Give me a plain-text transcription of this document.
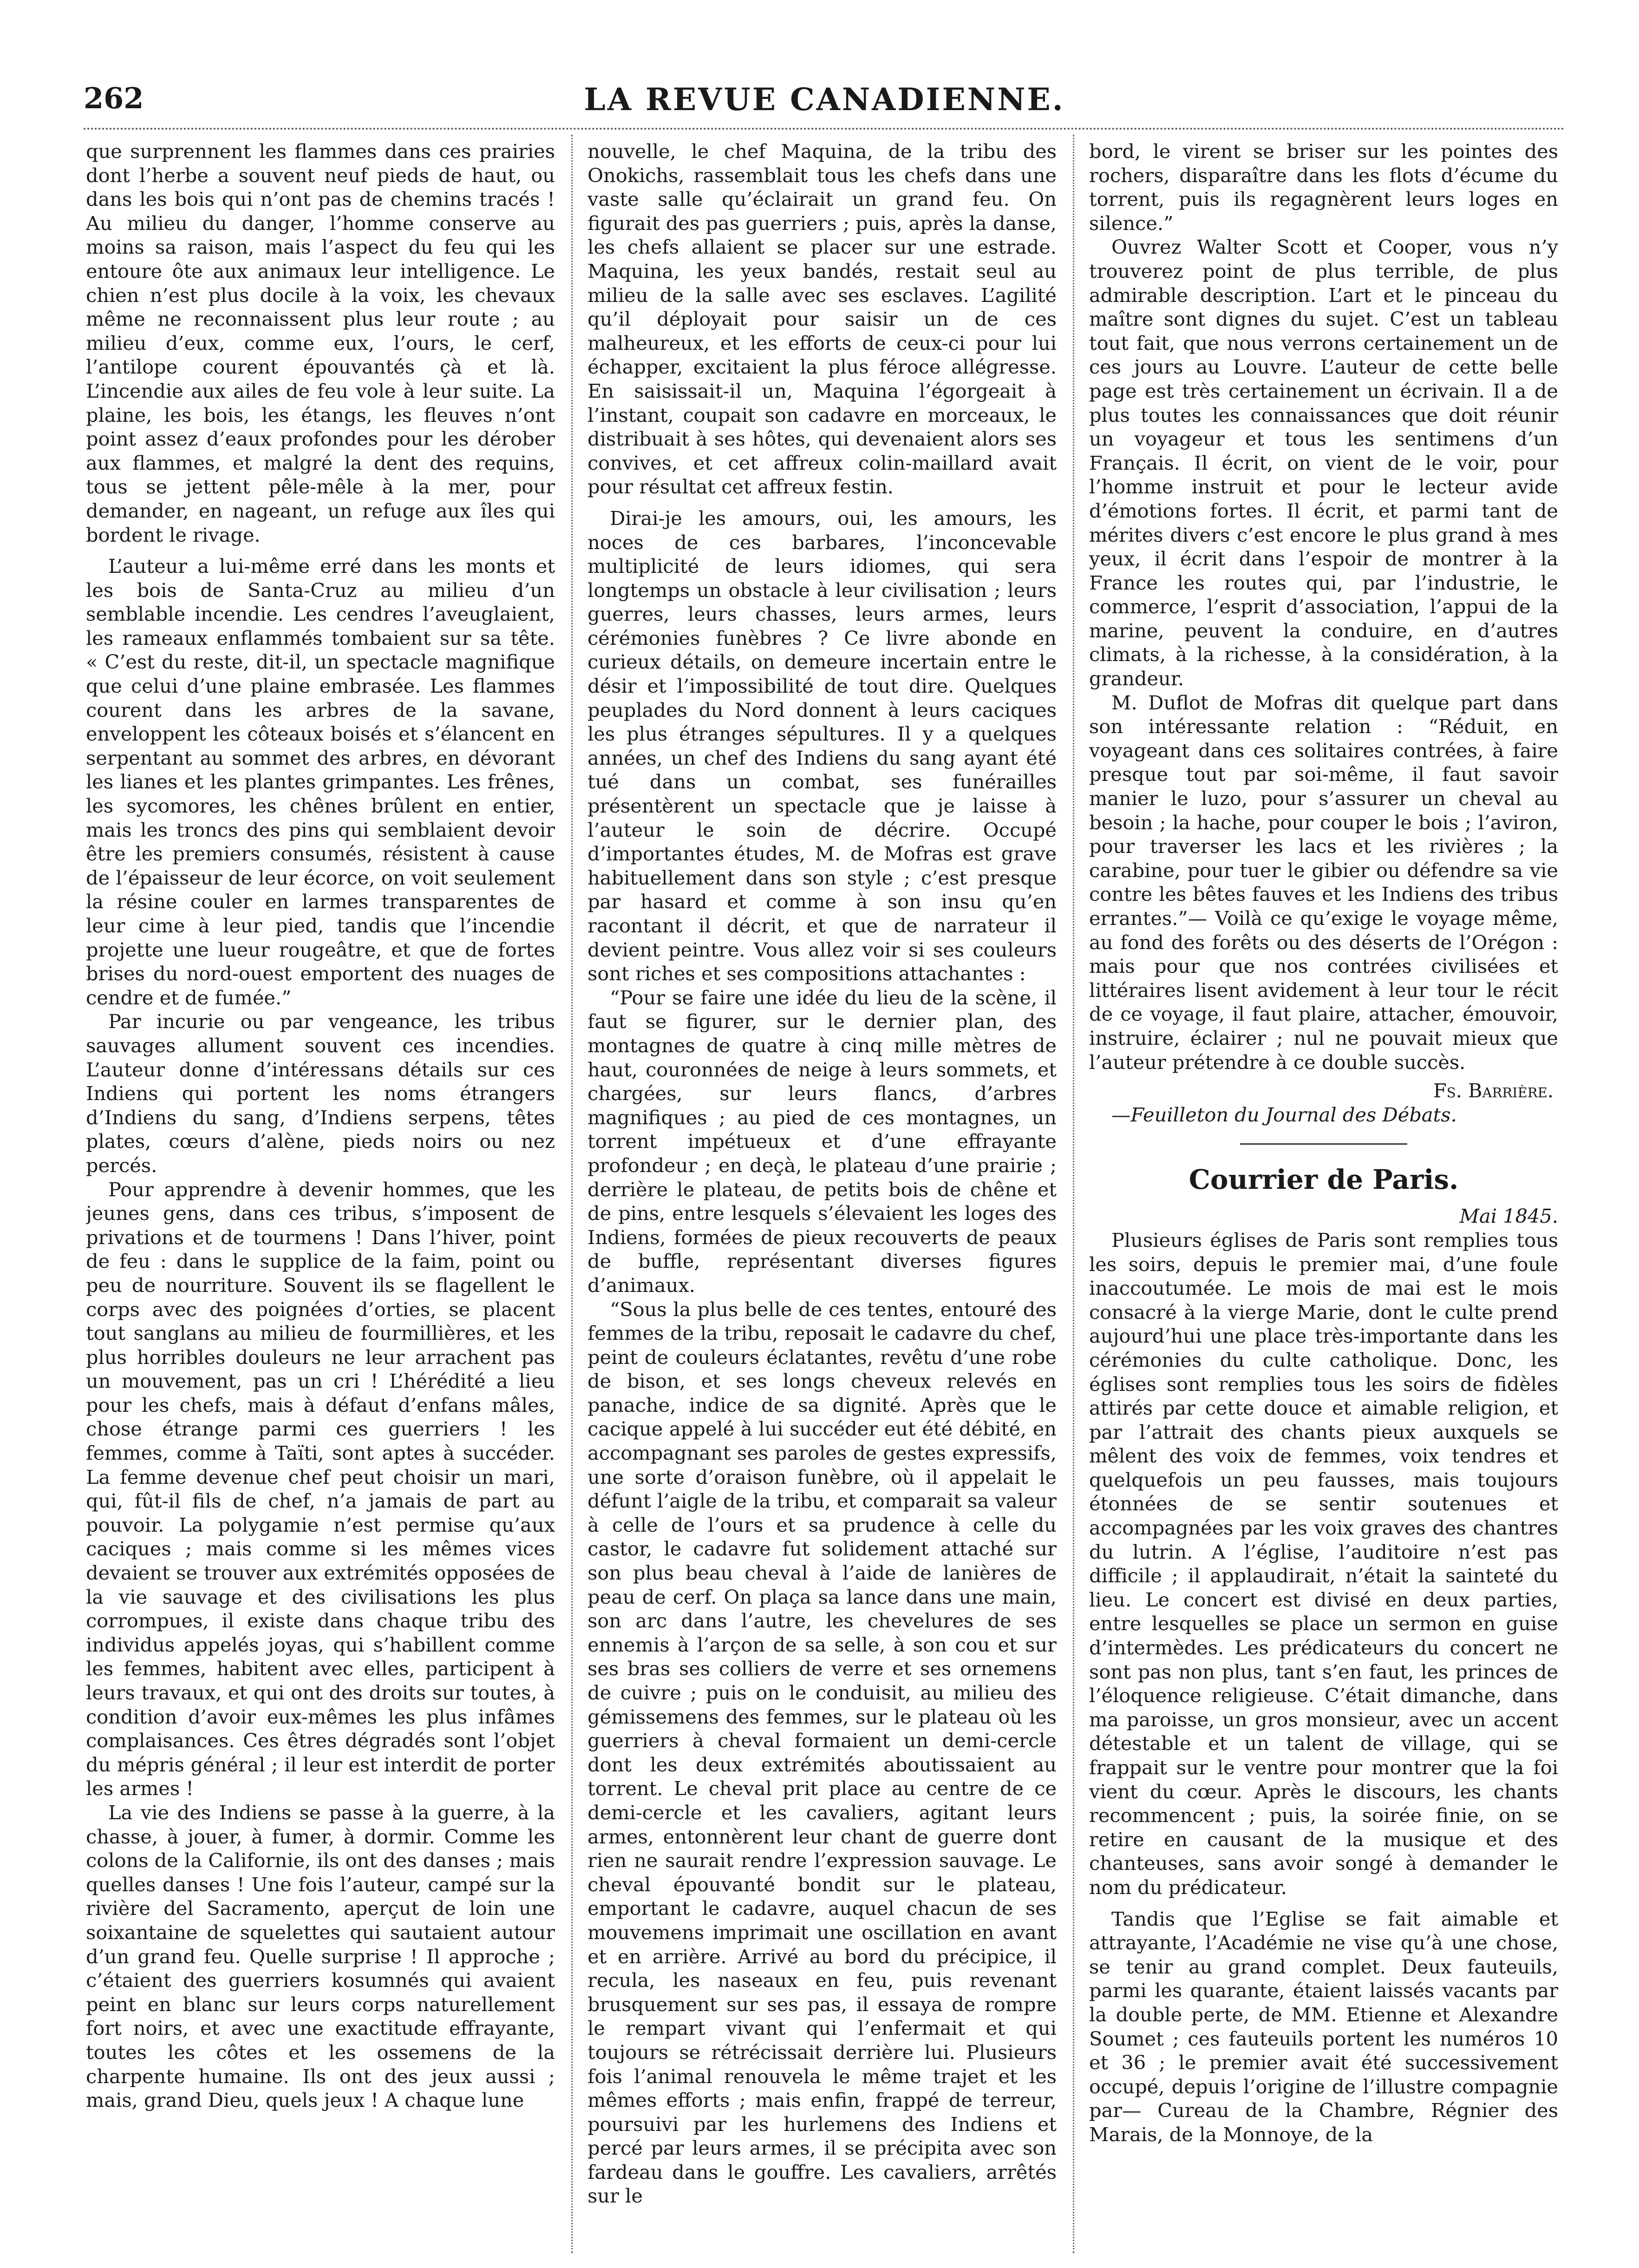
262	LA REVUE CANADIENNE.

que surprennent les flammes dans ces prairies dont l’herbe a souvent neuf pieds de haut, ou dans les bois qui n’ont pas de chemins tracés ! Au milieu du danger, l’homme conserve au moins sa raison, mais l’aspect du feu qui les entoure ôte aux animaux leur intelligence. Le chien n’est plus docile à la voix, les chevaux même ne reconnaissent plus leur route ; au milieu d’eux, comme eux, l’ours, le cerf, l’antilope courent épouvantés çà et là. L’incendie aux ailes de feu vole à leur suite. La plaine, les bois, les étangs, les fleuves n’ont point assez d’eaux profondes pour les dérober aux flammes, et malgré la dent des requins, tous se jettent pêle-mêle à la mer, pour demander, en nageant, un refuge aux îles qui bordent le rivage.

L’auteur a lui-même erré dans les monts et les bois de Santa-Cruz au milieu d’un semblable incendie. Les cendres l’aveuglaient, les rameaux enflammés tombaient sur sa tête. « C’est du reste, dit-il, un spectacle magnifique que celui d’une plaine embrasée. Les flammes courent dans les arbres de la savane, enveloppent les côteaux boisés et s’élancent en serpentant au sommet des arbres, en dévorant les lianes et les plantes grimpantes. Les frênes, les sycomores, les chênes brûlent en entier, mais les troncs des pins qui semblaient devoir être les premiers consumés, résistent à cause de l’épaisseur de leur écorce, on voit seulement la résine couler en larmes transparentes de leur cime à leur pied, tandis que l’incendie projette une lueur rougeâtre, et que de fortes brises du nord-ouest emportent des nuages de cendre et de fumée.”

Par incurie ou par vengeance, les tribus sauvages allument souvent ces incendies. L’auteur donne d’intéressans détails sur ces Indiens qui portent les noms étrangers d’Indiens du sang, d’Indiens serpens, têtes plates, cœurs d’alène, pieds noirs ou nez percés.

Pour apprendre à devenir hommes, que les jeunes gens, dans ces tribus, s’imposent de privations et de tourmens ! Dans l’hiver, point de feu : dans le supplice de la faim, point ou peu de nourriture. Souvent ils se flagellent le corps avec des poignées d’orties, se placent tout sanglans au milieu de fourmillières, et les plus horribles douleurs ne leur arrachent pas un mouvement, pas un cri ! L’hérédité a lieu pour les chefs, mais à défaut d’enfans mâles, chose étrange parmi ces guerriers ! les femmes, comme à Taïti, sont aptes à succéder. La femme devenue chef peut choisir un mari, qui, fût-il fils de chef, n’a jamais de part au pouvoir. La polygamie n’est permise qu’aux caciques ; mais comme si les mêmes vices devaient se trouver aux extrémités opposées de la vie sauvage et des civilisations les plus corrompues, il existe dans chaque tribu des individus appelés joyas, qui s’habillent comme les femmes, habitent avec elles, participent à leurs travaux, et qui ont des droits sur toutes, à condition d’avoir eux-mêmes les plus infâmes complaisances. Ces êtres dégradés sont l’objet du mépris général ; il leur est interdit de porter les armes !

La vie des Indiens se passe à la guerre, à la chasse, à jouer, à fumer, à dormir. Comme les colons de la Californie, ils ont des danses ; mais quelles danses ! Une fois l’auteur, campé sur la rivière del Sacramento, aperçut de loin une soixantaine de squelettes qui sautaient autour d’un grand feu. Quelle surprise ! Il approche ; c’étaient des guerriers kosumnés qui avaient peint en blanc sur leurs corps naturellement fort noirs, et avec une exactitude effrayante, toutes les côtes et les ossemens de la charpente humaine. Ils ont des jeux aussi ; mais, grand Dieu, quels jeux ! A chaque lune

nouvelle, le chef Maquina, de la tribu des Onokichs, rassemblait tous les chefs dans une vaste salle qu’éclairait un grand feu. On figurait des pas guerriers ; puis, après la danse, les chefs allaient se placer sur une estrade. Maquina, les yeux bandés, restait seul au milieu de la salle avec ses esclaves. L’agilité qu’il déployait pour saisir un de ces malheureux, et les efforts de ceux-ci pour lui échapper, excitaient la plus féroce allégresse. En saisissait-il un, Maquina l’égorgeait à l’instant, coupait son cadavre en morceaux, le distribuait à ses hôtes, qui devenaient alors ses convives, et cet affreux colin-maillard avait pour résultat cet affreux festin.

Dirai-je les amours, oui, les amours, les noces de ces barbares, l’inconcevable multiplicité de leurs idiomes, qui sera longtemps un obstacle à leur civilisation ; leurs guerres, leurs chasses, leurs armes, leurs cérémonies funèbres ? Ce livre abonde en curieux détails, on demeure incertain entre le désir et l’impossibilité de tout dire. Quelques peuplades du Nord donnent à leurs caciques les plus étranges sépultures. Il y a quelques années, un chef des Indiens du sang ayant été tué dans un combat, ses funérailles présentèrent un spectacle que je laisse à l’auteur le soin de décrire. Occupé d’importantes études, M. de Mofras est grave habituellement dans son style ; c’est presque par hasard et comme à son insu qu’en racontant il décrit, et que de narrateur il devient peintre. Vous allez voir si ses couleurs sont riches et ses compositions attachantes :

“Pour se faire une idée du lieu de la scène, il faut se figurer, sur le dernier plan, des montagnes de quatre à cinq mille mètres de haut, couronnées de neige à leurs sommets, et chargées, sur leurs flancs, d’arbres magnifiques ; au pied de ces montagnes, un torrent impétueux et d’une effrayante profondeur ; en deçà, le plateau d’une prairie ; derrière le plateau, de petits bois de chêne et de pins, entre lesquels s’élevaient les loges des Indiens, formées de pieux recouverts de peaux de buffle, représentant diverses figures d’animaux.

“Sous la plus belle de ces tentes, entouré des femmes de la tribu, reposait le cadavre du chef, peint de couleurs éclatantes, revêtu d’une robe de bison, et ses longs cheveux relevés en panache, indice de sa dignité. Après que le cacique appelé à lui succéder eut été débité, en accompagnant ses paroles de gestes expressifs, une sorte d’oraison funèbre, où il appelait le défunt l’aigle de la tribu, et comparait sa valeur à celle de l’ours et sa prudence à celle du castor, le cadavre fut solidement attaché sur son plus beau cheval à l’aide de lanières de peau de cerf. On plaça sa lance dans une main, son arc dans l’autre, les chevelures de ses ennemis à l’arçon de sa selle, à son cou et sur ses bras ses colliers de verre et ses ornemens de cuivre ; puis on le conduisit, au milieu des gémissemens des femmes, sur le plateau où les guerriers à cheval formaient un demi-cercle dont les deux extrémités aboutissaient au torrent. Le cheval prit place au centre de ce demi-cercle et les cavaliers, agitant leurs armes, entonnèrent leur chant de guerre dont rien ne saurait rendre l’expression sauvage. Le cheval épouvanté bondit sur le plateau, emportant le cadavre, auquel chacun de ses mouvemens imprimait une oscillation en avant et en arrière. Arrivé au bord du précipice, il recula, les naseaux en feu, puis revenant brusquement sur ses pas, il essaya de rompre le rempart vivant qui l’enfermait et qui toujours se rétrécissait derrière lui. Plusieurs fois l’animal renouvela le même trajet et les mêmes efforts ; mais enfin, frappé de terreur, poursuivi par les hurlemens des Indiens et percé par leurs armes, il se précipita avec son fardeau dans le gouffre. Les cavaliers, arrêtés sur le

bord, le virent se briser sur les pointes des rochers, disparaître dans les flots d’écume du torrent, puis ils regagnèrent leurs loges en silence.”

Ouvrez Walter Scott et Cooper, vous n’y trouverez point de plus terrible, de plus admirable description. L’art et le pinceau du maître sont dignes du sujet. C’est un tableau tout fait, que nous verrons certainement un de ces jours au Louvre. L’auteur de cette belle page est très certainement un écrivain. Il a de plus toutes les connaissances que doit réunir un voyageur et tous les sentimens d’un Français. Il écrit, on vient de le voir, pour l’homme instruit et pour le lecteur avide d’émotions fortes. Il écrit, et parmi tant de mérites divers c’est encore le plus grand à mes yeux, il écrit dans l’espoir de montrer à la France les routes qui, par l’industrie, le commerce, l’esprit d’association, l’appui de la marine, peuvent la conduire, en d’autres climats, à la richesse, à la considération, à la grandeur.

M. Duflot de Mofras dit quelque part dans son intéressante relation : “Réduit, en voyageant dans ces solitaires contrées, à faire presque tout par soi-même, il faut savoir manier le luzo, pour s’assurer un cheval au besoin ; la hache, pour couper le bois ; l’aviron, pour traverser les lacs et les rivières ; la carabine, pour tuer le gibier ou défendre sa vie contre les bêtes fauves et les Indiens des tribus errantes.”— Voilà ce qu’exige le voyage même, au fond des forêts ou des déserts de l’Orégon : mais pour que nos contrées civilisées et littéraires lisent avidement à leur tour le récit de ce voyage, il faut plaire, attacher, émouvoir, instruire, éclairer ; nul ne pouvait mieux que l’auteur prétendre à ce double succès.

Fs. Barrière.

—Feuilleton du Journal des Débats.

Courrier de Paris.

Mai 1845.

Plusieurs églises de Paris sont remplies tous les soirs, depuis le premier mai, d’une foule inaccoutumée. Le mois de mai est le mois consacré à la vierge Marie, dont le culte prend aujourd’hui une place très-importante dans les cérémonies du culte catholique. Donc, les églises sont remplies tous les soirs de fidèles attirés par cette douce et aimable religion, et par l’attrait des chants pieux auxquels se mêlent des voix de femmes, voix tendres et quelquefois un peu fausses, mais toujours étonnées de se sentir soutenues et accompagnées par les voix graves des chantres du lutrin. A l’église, l’auditoire n’est pas difficile ; il applaudirait, n’était la sainteté du lieu. Le concert est divisé en deux parties, entre lesquelles se place un sermon en guise d’intermèdes. Les prédicateurs du concert ne sont pas non plus, tant s’en faut, les princes de l’éloquence religieuse. C’était dimanche, dans ma paroisse, un gros monsieur, avec un accent détestable et un talent de village, qui se frappait sur le ventre pour montrer que la foi vient du cœur. Après le discours, les chants recommencent ; puis, la soirée finie, on se retire en causant de la musique et des chanteuses, sans avoir songé à demander le nom du prédicateur.

Tandis que l’Eglise se fait aimable et attrayante, l’Académie ne vise qu’à une chose, se tenir au grand complet. Deux fauteuils, parmi les quarante, étaient laissés vacants par la double perte, de MM. Etienne et Alexandre Soumet ; ces fauteuils portent les numéros 10 et 36 ; le premier avait été successivement occupé, depuis l’origine de l’illustre compagnie par— Cureau de la Chambre, Régnier des Marais, de la Monnoye, de la
